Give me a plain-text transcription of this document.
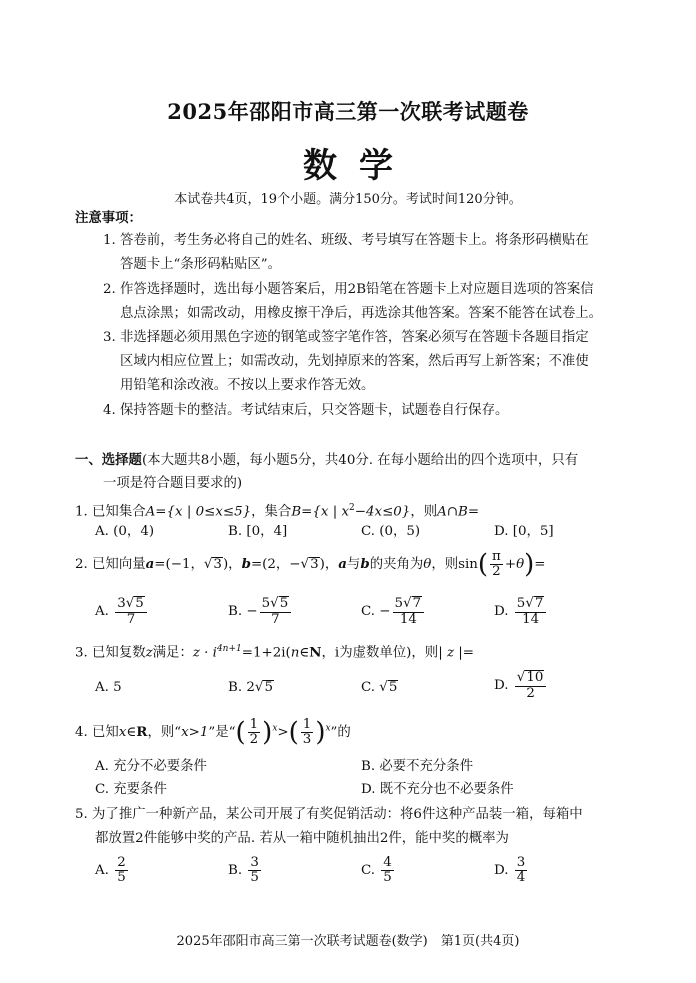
2025年邵阳市高三第一次联考试题卷
数学
本试卷共4页，19个小题。满分150分。考试时间120分钟。
注意事项：
1. 答卷前，考生务必将自己的姓名、班级、考号填写在答题卡上。将条形码横贴在
答题卡上“条形码粘贴区”。
2. 作答选择题时，选出每小题答案后，用2B铅笔在答题卡上对应题目选项的答案信
息点涂黑；如需改动，用橡皮擦干净后，再选涂其他答案。答案不能答在试卷上。
3. 非选择题必须用黑色字迹的钢笔或签字笔作答，答案必须写在答题卡各题目指定
区域内相应位置上；如需改动，先划掉原来的答案，然后再写上新答案；不准使
用铅笔和涂改液。不按以上要求作答无效。
4. 保持答题卡的整洁。考试结束后，只交答题卡，试题卷自行保存。
一、选择题(本大题共8小题，每小题5分，共40分. 在每小题给出的四个选项中，只有
一项是符合题目要求的)
1. 已知集合A={x | 0≤x≤5}，集合B={x | $x^2-4x\le 0$}，则A∩B=
A. (0，4)	B. [0，4]	C. (0，5)	D. [0，5]
2. 已知向量a=(−1，√3)，b=(2，−√3)，a与b的夹角为θ，则$\sin( \frac{\pi}{2} +\theta)=$
A. $\frac{3√5}{7}$	B. − $\frac{5√5}{7}$	C. − $\frac{5√7}{14}$	D. $\frac{5√7}{14}$
3. 已知复数z满足：$z \cdot i^{4n+1}=1+2i(n\in N$，i为虚数单位)，则| z |=
A. 5	B. 2√5	C. √5	D. $\frac{√10}{2}$
4. 已知x∈R，则“x>1”是“( $\frac{1}{2} )^x>( \frac{1}{3} )^x$”的
A. 充分不必要条件	B. 必要不充分条件
C. 充要条件	D. 既不充分也不必要条件
5. 为了推广一种新产品，某公司开展了有奖促销活动：将6件这种产品装一箱，每箱中
都放置2件能够中奖的产品. 若从一箱中随机抽出2件，能中奖的概率为
A. $\frac{2}{5}$	B. $\frac{3}{5}$	C. $\frac{4}{5}$	D. $\frac{3}{4}$
2025年邵阳市高三第一次联考试题卷(数学)　第1页(共4页)
